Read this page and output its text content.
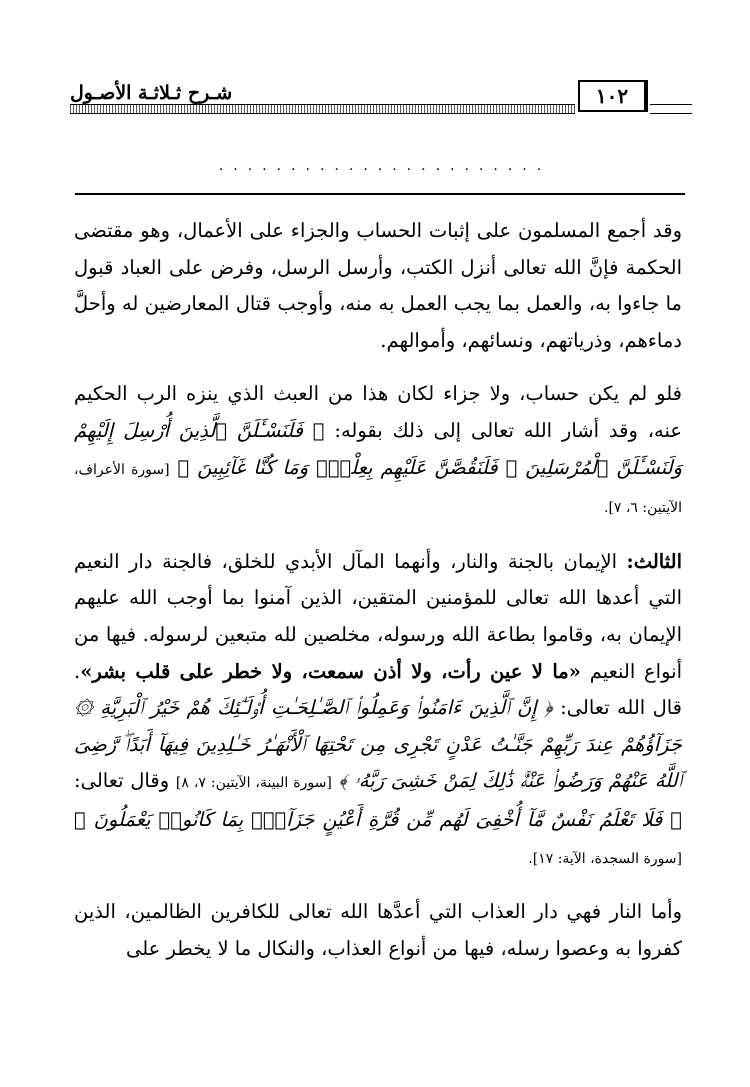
شـرح ثـلاثـة الأصـول	١٠٢
.......................

وقد أجمع المسلمون على إثبات الحساب والجزاء على الأعمال، وهو مقتضى الحكمة فإنَّ الله تعالى أنزل الكتب، وأرسل الرسل، وفرض على العباد قبول ما جاءوا به، والعمل بما يجب العمل به منه، وأوجب قتال المعارضين له وأحلَّ دماءهم، وذرياتهم، ونسائهم، وأموالهم.

فلو لم يكن حساب، ولا جزاء لكان هذا من العبث الذي ينزه الرب الحكيم عنه، وقد أشار الله تعالى إلى ذلك بقوله: ﴿ فَلَنَسْـَٔلَنَّ ٱلَّذِينَ أُرْسِلَ إِلَيْهِمْ وَلَنَسْـَٔلَنَّ ٱلْمُرْسَلِينَ ۞ فَلَنَقُصَّنَّ عَلَيْهِم بِعِلْمٍۖ وَمَا كُنَّا غَآئِبِينَ ﴾ [سورة الأعراف، الآيتين: ٦، ٧].

الثالث: الإيمان بالجنة والنار، وأنهما المآل الأبدي للخلق، فالجنة دار النعيم التي أعدها الله تعالى للمؤمنين المتقين، الذين آمنوا بما أوجب الله عليهم الإيمان به، وقاموا بطاعة الله ورسوله، مخلصين لله متبعين لرسوله. فيها من أنواع النعيم «ما لا عين رأت، ولا أذن سمعت، ولا خطر على قلب بشر». قال الله تعالى: ﴿ إِنَّ ٱلَّذِينَ ءَامَنُوا۟ وَعَمِلُوا۟ ٱلصَّـٰلِحَـٰتِ أُو۟لَـٰٓئِكَ هُمْ خَيْرُ ٱلْبَرِيَّةِ ۞ جَزَآؤُهُمْ عِندَ رَبِّهِمْ جَنَّـٰتُ عَدْنٍ تَجْرِى مِن تَحْتِهَا ٱلْأَنْهَـٰرُ خَـٰلِدِينَ فِيهَآ أَبَدًاۖ رَّضِىَ ٱللَّهُ عَنْهُمْ وَرَضُوا۟ عَنْهُۚ ذَٰلِكَ لِمَنْ خَشِىَ رَبَّهُۥ ﴾ [سورة البينة، الآيتين: ٧، ٨] وقال تعالى: ﴿ فَلَا تَعْلَمُ نَفْسٌ مَّآ أُخْفِىَ لَهُم مِّن قُرَّةِ أَعْيُنٍ جَزَآءًۢ بِمَا كَانُوا۟ يَعْمَلُونَ ﴾ [سورة السجدة، الآية: ١٧].

وأما النار فهي دار العذاب التي أعدَّها الله تعالى للكافرين الظالمين، الذين كفروا به وعصوا رسله، فيها من أنواع العذاب، والنكال ما لا يخطر على
